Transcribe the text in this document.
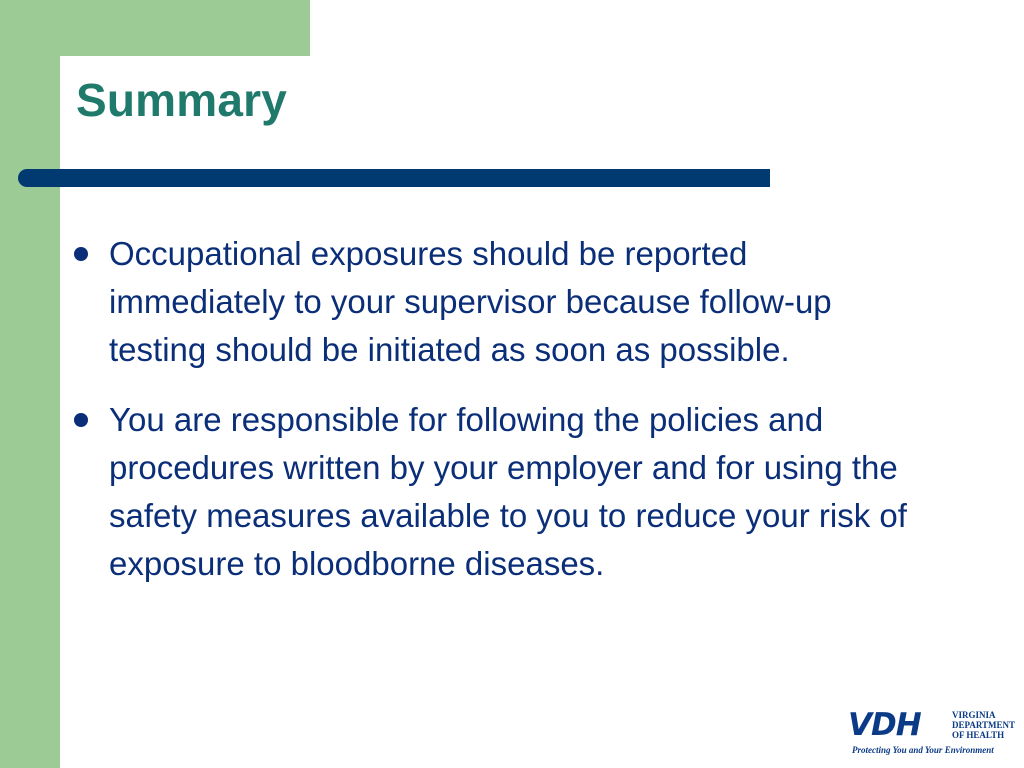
Summary
Occupational exposures should be reported immediately to your supervisor because follow-up testing should be initiated as soon as possible.
You are responsible for following the policies and procedures written by your employer and for using the safety measures available to you to reduce your risk of exposure to bloodborne diseases.
VDH	VIRGINIA
DEPARTMENT
OF HEALTH
Protecting You and Your Environment
